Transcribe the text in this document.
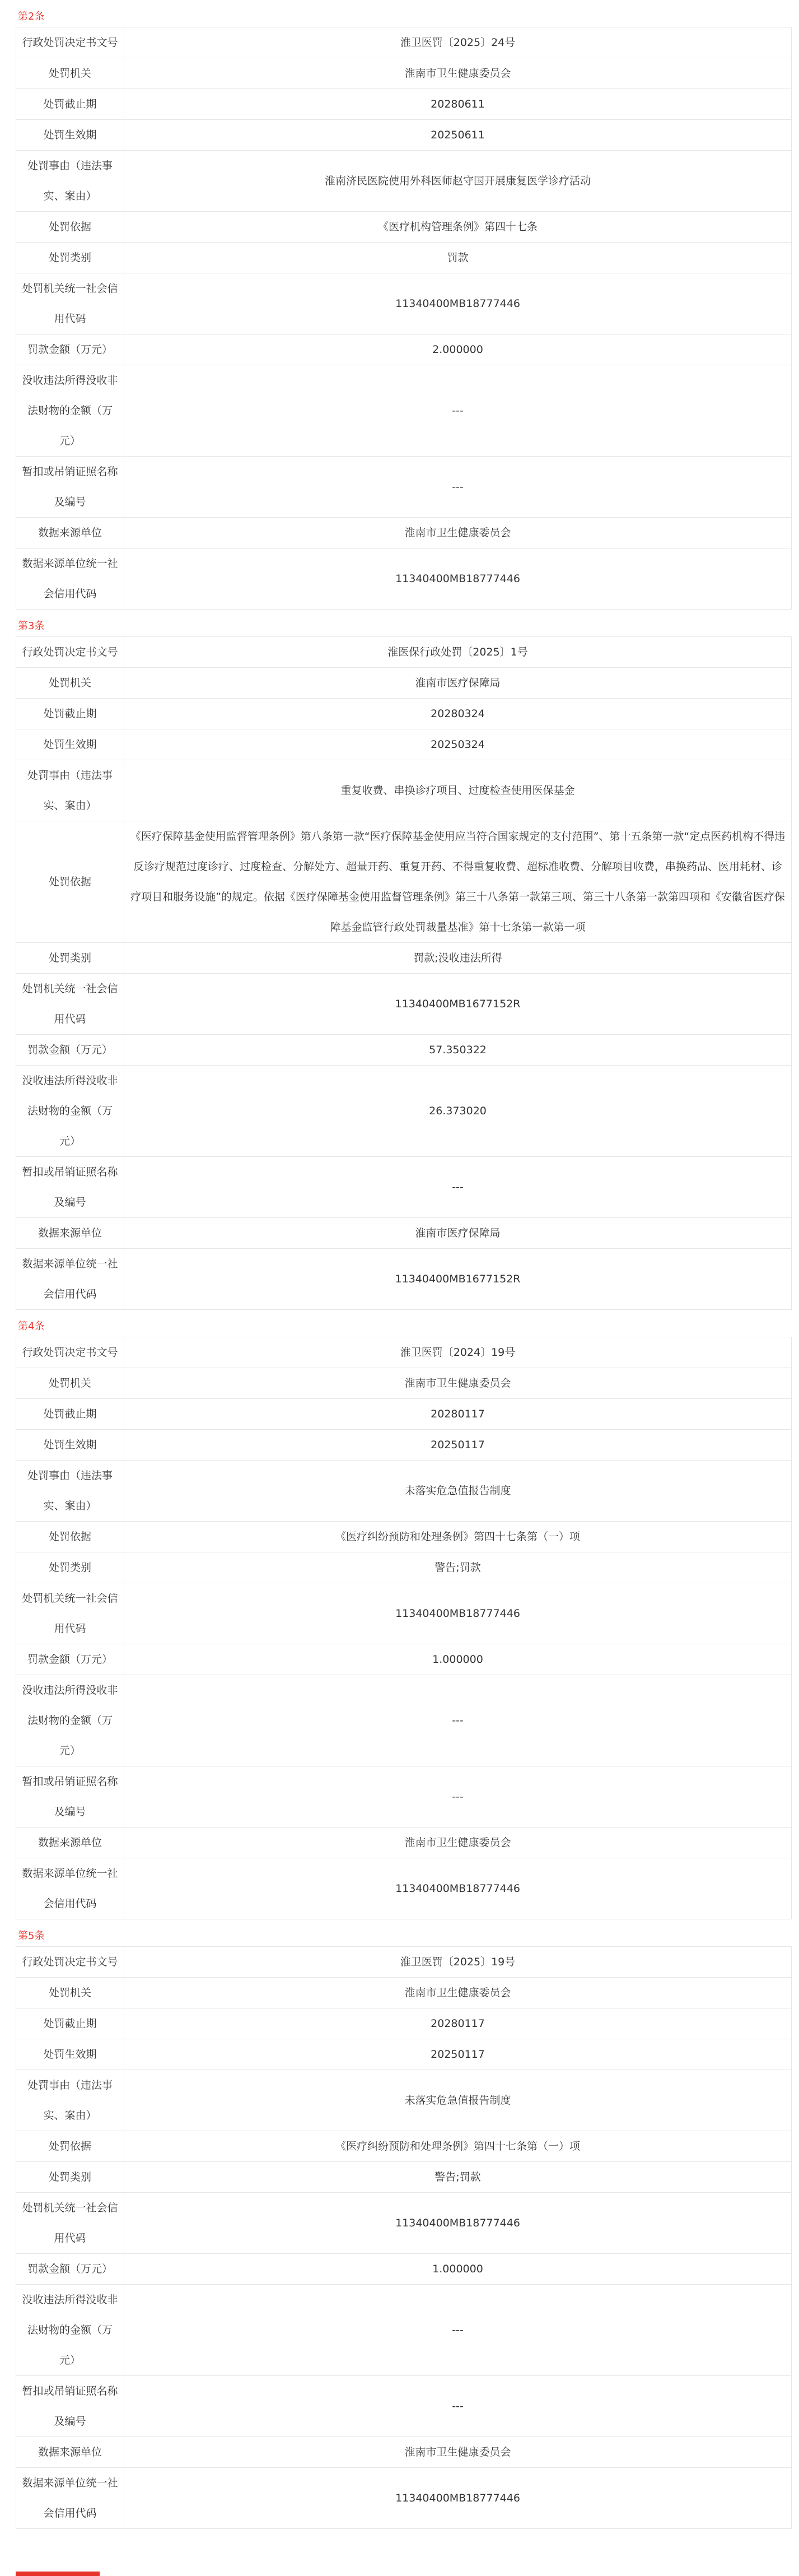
第2条
行政处罚决定书文号	淮卫医罚〔2025〕24号
处罚机关	淮南市卫生健康委员会
处罚截止期	20280611
处罚生效期	20250611
处罚事由（违法事实、案由）	淮南济民医院使用外科医师赵守国开展康复医学诊疗活动
处罚依据	《医疗机构管理条例》第四十七条
处罚类别	罚款
处罚机关统一社会信用代码	11340400MB18777446
罚款金额（万元）	2.000000
没收违法所得没收非法财物的金额（万元）	---
暂扣或吊销证照名称及编号	---
数据来源单位	淮南市卫生健康委员会
数据来源单位统一社会信用代码	11340400MB18777446
第3条
行政处罚决定书文号	淮医保行政处罚〔2025〕1号
处罚机关	淮南市医疗保障局
处罚截止期	20280324
处罚生效期	20250324
处罚事由（违法事实、案由）	重复收费、串换诊疗项目、过度检查使用医保基金
处罚依据	《医疗保障基金使用监督管理条例》第八条第一款“医疗保障基金使用应当符合国家规定的支付范围”、第十五条第一款“定点医药机构不得违反诊疗规范过度诊疗、过度检查、分解处方、超量开药、重复开药、不得重复收费、超标准收费、分解项目收费，串换药品、医用耗材、诊疗项目和服务设施”的规定。依据《医疗保障基金使用监督管理条例》第三十八条第一款第三项、第三十八条第一款第四项和《安徽省医疗保障基金监管行政处罚裁量基准》第十七条第一款第一项
处罚类别	罚款;没收违法所得
处罚机关统一社会信用代码	11340400MB1677152R
罚款金额（万元）	57.350322
没收违法所得没收非法财物的金额（万元）	26.373020
暂扣或吊销证照名称及编号	---
数据来源单位	淮南市医疗保障局
数据来源单位统一社会信用代码	11340400MB1677152R
第4条
行政处罚决定书文号	淮卫医罚〔2024〕19号
处罚机关	淮南市卫生健康委员会
处罚截止期	20280117
处罚生效期	20250117
处罚事由（违法事实、案由）	未落实危急值报告制度
处罚依据	《医疗纠纷预防和处理条例》第四十七条第（一）项
处罚类别	警告;罚款
处罚机关统一社会信用代码	11340400MB18777446
罚款金额（万元）	1.000000
没收违法所得没收非法财物的金额（万元）	---
暂扣或吊销证照名称及编号	---
数据来源单位	淮南市卫生健康委员会
数据来源单位统一社会信用代码	11340400MB18777446
第5条
行政处罚决定书文号	淮卫医罚〔2025〕19号
处罚机关	淮南市卫生健康委员会
处罚截止期	20280117
处罚生效期	20250117
处罚事由（违法事实、案由）	未落实危急值报告制度
处罚依据	《医疗纠纷预防和处理条例》第四十七条第（一）项
处罚类别	警告;罚款
处罚机关统一社会信用代码	11340400MB18777446
罚款金额（万元）	1.000000
没收违法所得没收非法财物的金额（万元）	---
暂扣或吊销证照名称及编号	---
数据来源单位	淮南市卫生健康委员会
数据来源单位统一社会信用代码	11340400MB18777446
